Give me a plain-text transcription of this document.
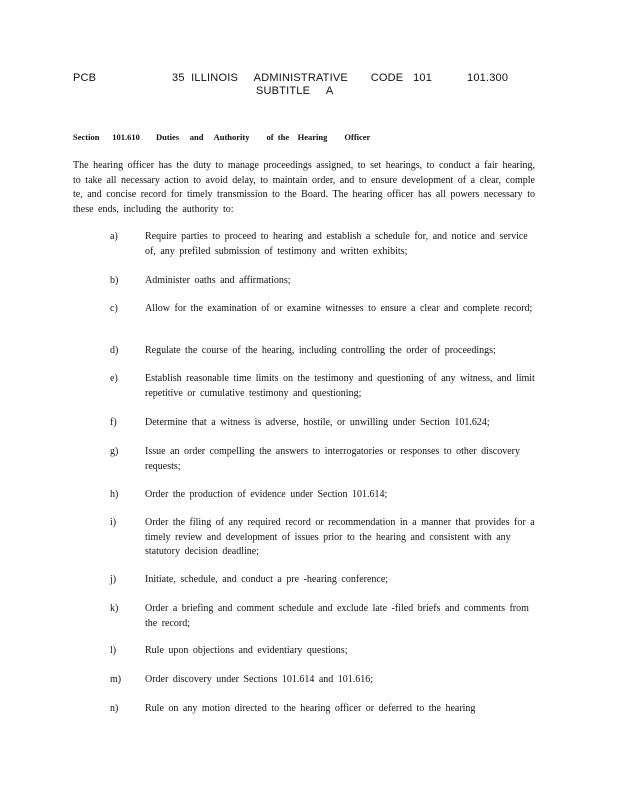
PCB	35  ILLINOIS     ADMINISTRATIVE       CODE   101
SUBTITLE     A
101.300
Section      101.610 Duties     and     Authority        of  the    Hearing        Officer

The hearing officer has the duty to manage proceedings assigned, to set hearings, to conduct a fair hearing, to take all necessary action to avoid delay, to maintain order, and to ensure development of a clear, comple te, and concise record for timely transmission to the Board. The hearing officer has all powers necessary to these ends, including the authority to:

a)	Require parties to proceed to hearing and establish a schedule for, and notice and service of, any prefiled submission of testimony and written exhibits;
b)	Administer oaths and affirmations;
c)	Allow for the examination of or examine witnesses to ensure a clear and complete record;
d)	Regulate the course of the hearing, including controlling the order of proceedings;
e)	Establish reasonable time limits on the testimony and questioning of any witness, and limit repetitive or cumulative testimony and questioning;
f)	Determine that a witness is adverse, hostile, or unwilling under Section 101.624;
g)	Issue an order compelling the answers to interrogatories or responses to other discovery requests;
h)	Order the production of evidence under Section 101.614;
i)	Order the filing of any required record or recommendation in a manner that provides for a timely review and development of issues prior to the hearing and consistent with any statutory decision deadline;
j)	Initiate, schedule, and conduct a pre -hearing conference;
k)	Order a briefing and comment schedule and exclude late -filed briefs and comments from the record;
l)	Rule upon objections and evidentiary questions;
m) Order discovery under Sections 101.614 and 101.616;
n)	Rule on any motion directed to the hearing officer or deferred to the hearing
